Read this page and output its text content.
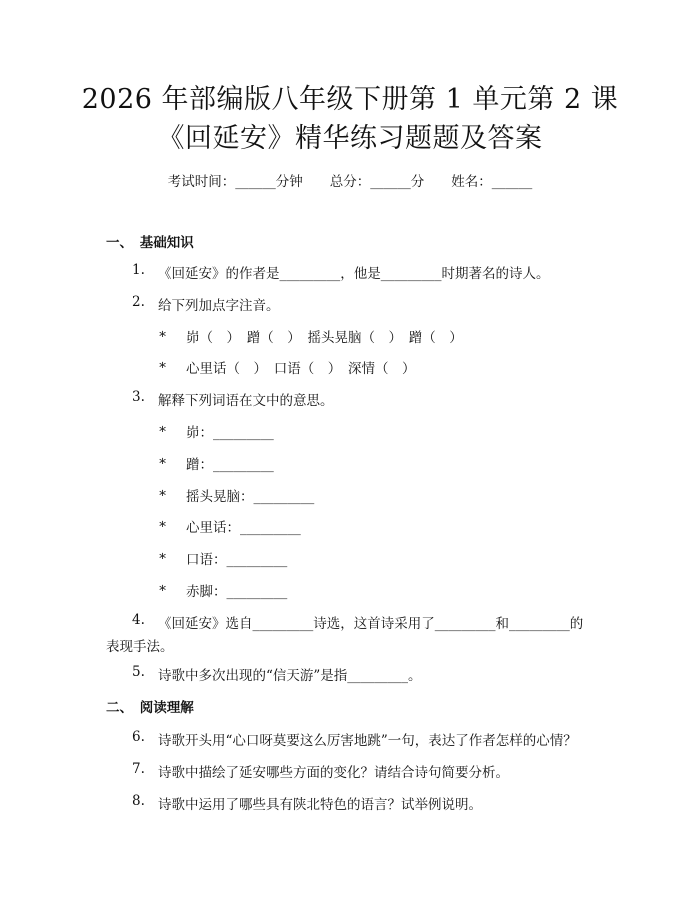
2026 年部编版八年级下册第 1 单元第 2 课
《回延安》精华练习题题及答案
考试时间：______分钟　　总分：______分　　姓名：______
一、　基础知识
1. 《回延安》的作者是_________，他是_________时期著名的诗人。
2. 给下列加点字注音。
∗ 峁（　）　蹭（　）　摇头晃脑（　）　蹭（　）
∗ 心里话（　）　口语（　）　深情（　）
3. 解释下列词语在文中的意思。
∗ 峁：_________
∗ 蹭：_________
∗ 摇头晃脑：_________
∗ 心里话：_________
∗ 口语：_________
∗ 赤脚：_________
4. 《回延安》选自_________诗选，这首诗采用了_________和_________的
表现手法。
5. 诗歌中多次出现的“信天游”是指_________。
二、　阅读理解
6. 诗歌开头用“心口呀莫要这么厉害地跳”一句，表达了作者怎样的心情？
7. 诗歌中描绘了延安哪些方面的变化？请结合诗句简要分析。
8. 诗歌中运用了哪些具有陕北特色的语言？试举例说明。
